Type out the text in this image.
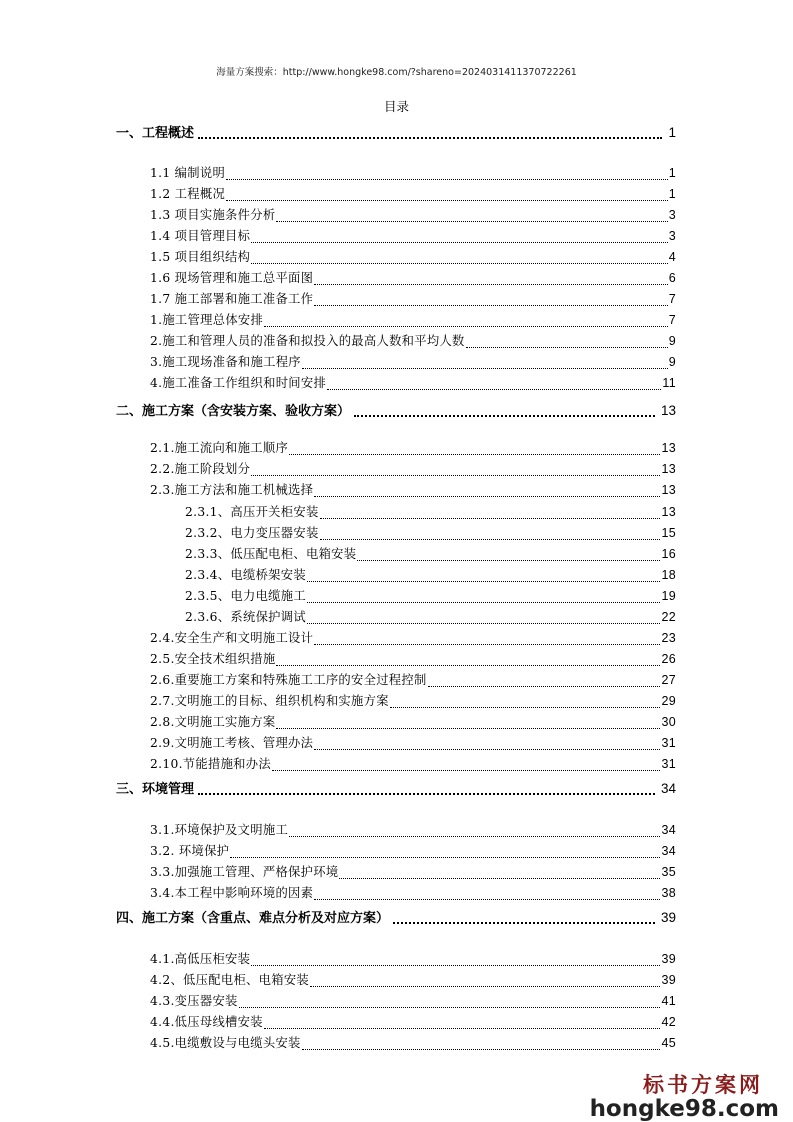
海量方案搜索：http://www.hongke98.com/?shareno=2024031411370722261
目录
一、工程概述	1
1.1 编制说明	1
1.2 工程概况	1
1.3 项目实施条件分析	3
1.4 项目管理目标	3
1.5 项目组织结构	4
1.6 现场管理和施工总平面图	6
1.7 施工部署和施工准备工作	7
1.施工管理总体安排	7
2.施工和管理人员的准备和拟投入的最高人数和平均人数	9
3.施工现场准备和施工程序	9
4.施工准备工作组织和时间安排	11
二、施工方案（含安装方案、验收方案）	13
2.1.施工流向和施工顺序	13
2.2.施工阶段划分	13
2.3.施工方法和施工机械选择	13
2.3.1、高压开关柜安装	13
2.3.2、电力变压器安装	15
2.3.3、低压配电柜、电箱安装	16
2.3.4、电缆桥架安装	18
2.3.5、电力电缆施工	19
2.3.6、系统保护调试	22
2.4.安全生产和文明施工设计	23
2.5.安全技术组织措施	26
2.6.重要施工方案和特殊施工工序的安全过程控制	27
2.7.文明施工的目标、组织机构和实施方案	29
2.8.文明施工实施方案	30
2.9.文明施工考核、管理办法	31
2.10.节能措施和办法	31
三、环境管理	34
3.1.环境保护及文明施工	34
3.2. 环境保护	34
3.3.加强施工管理、严格保护环境	35
3.4.本工程中影响环境的因素	38
四、施工方案（含重点、难点分析及对应方案）	39
4.1.高低压柜安装	39
4.2、低压配电柜、电箱安装	39
4.3.变压器安装	41
4.4.低压母线槽安装	42
4.5.电缆敷设与电缆头安装	45
标书方案网
hongke98.com
